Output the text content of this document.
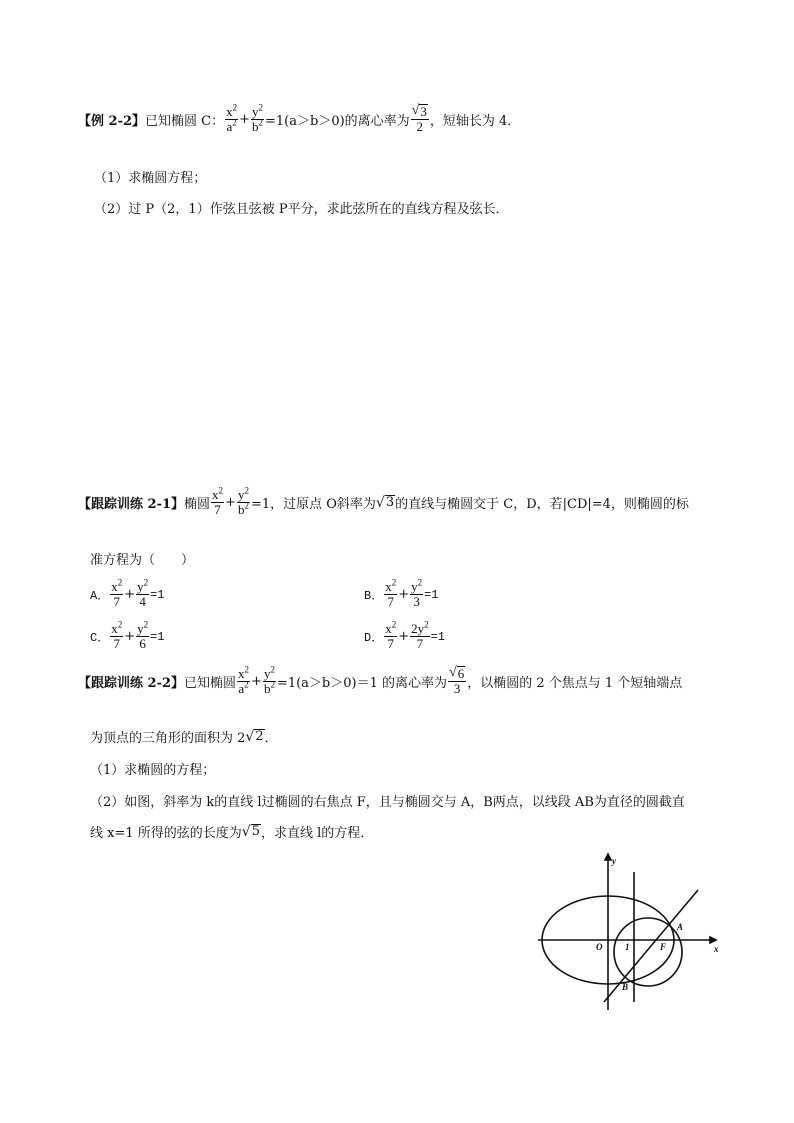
【例 2-2】 已知椭圆 C： $\frac{x^2}{a^2} + \frac{y^2}{b^2} =1(a>b>0)$的离心率为 $\frac{√ 3}{2}$ ，短轴长为 4．
（1）求椭圆方程；
（2）过 P（2，1）作弦且弦被 P平分，求此弦所在的直线方程及弦长．
【跟踪训练 2-1】 椭圆 $\frac{x^2}{7} + \frac{y^2}{b^2} =1$，过原点 O斜率为 √ 3 的直线与椭圆交于 C，D，若|CD|=4，则椭圆的标
准方程为（　　）
A． $\frac{x^2}{7} + \frac{y^2}{4} =1$	B． $\frac{x^2}{7} + \frac{y^2}{3} =1$
C． $\frac{x^2}{7} + \frac{y^2}{6} =1$	D． $\frac{x^2}{7} + \frac{2y^2}{7} =1$
【跟踪训练 2-2】 已知椭圆 $\frac{x^2}{a^2} + \frac{y^2}{b^2} =1(a>b>0)=1$ 的离心率为 $\frac{√ 6}{3}$ ，以椭圆的 2 个焦点与 1 个短轴端点
为顶点的三角形的面积为 2 √ 2 ．
（1）求椭圆的方程；
（2）如图，斜率为 k的直线 l过椭圆的右焦点 F，且与椭圆交与 A，B两点，以线段 AB为直径的圆截直
线 x=1 所得的弦的长度为 √ 5 ，求直线 l的方程．
x
y
O	1	F
A
B
